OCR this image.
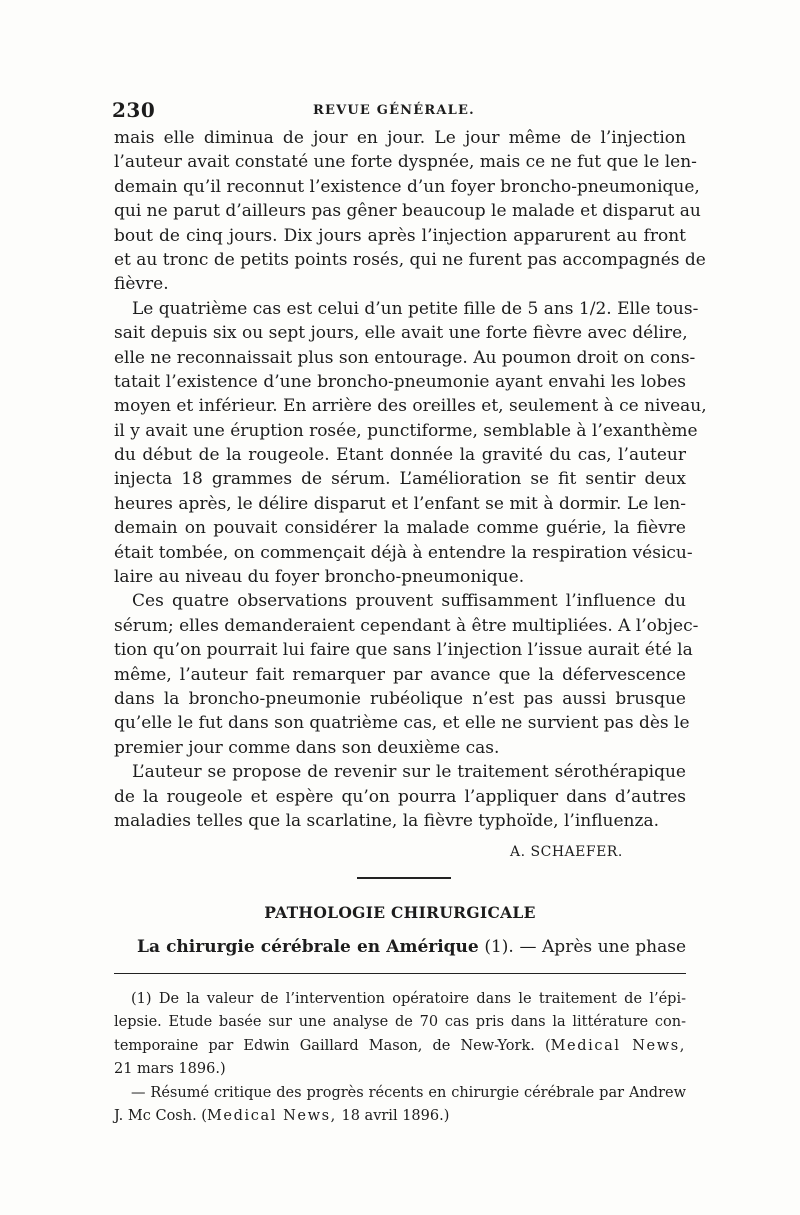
230	REVUE GÉNÉRALE.
mais elle diminua de jour en jour. Le jour même de l’injection
l’auteur avait constaté une forte dyspnée, mais ce ne fut que le len-
demain qu’il reconnut l’existence d’un foyer broncho-pneumonique,
qui ne parut d’ailleurs pas gêner beaucoup le malade et disparut au
bout de cinq jours. Dix jours après l’injection apparurent au front
et au tronc de petits points rosés, qui ne furent pas accompagnés de
fièvre.
Le quatrième cas est celui d’un petite fille de 5 ans 1/2. Elle tous-
sait depuis six ou sept jours, elle avait une forte fièvre avec délire,
elle ne reconnaissait plus son entourage. Au poumon droit on cons-
tatait l’existence d’une broncho-pneumonie ayant envahi les lobes
moyen et inférieur. En arrière des oreilles et, seulement à ce niveau,
il y avait une éruption rosée, punctiforme, semblable à l’exanthème
du début de la rougeole. Etant donnée la gravité du cas, l’auteur
injecta 18 grammes de sérum. L’amélioration se fit sentir deux
heures après, le délire disparut et l’enfant se mit à dormir. Le len-
demain on pouvait considérer la malade comme guérie, la fièvre
était tombée, on commençait déjà à entendre la respiration vésicu-
laire au niveau du foyer broncho-pneumonique.
Ces quatre observations prouvent suffisamment l’influence du
sérum; elles demanderaient cependant à être multipliées. A l’objec-
tion qu’on pourrait lui faire que sans l’injection l’issue aurait été la
même, l’auteur fait remarquer par avance que la défervescence
dans la broncho-pneumonie rubéolique n’est pas aussi brusque
qu’elle le fut dans son quatrième cas, et elle ne survient pas dès le
premier jour comme dans son deuxième cas.
L’auteur se propose de revenir sur le traitement sérothérapique
de la rougeole et espère qu’on pourra l’appliquer dans d’autres
maladies telles que la scarlatine, la fièvre typhoïde, l’influenza.
A. SCHAEFER.
PATHOLOGIE CHIRURGICALE
La chirurgie cérébrale en Amérique (1). — Après une phase
(1) De la valeur de l’intervention opératoire dans le traitement de l’épi-
lepsie. Etude basée sur une analyse de 70 cas pris dans la littérature con-
temporaine par Edwin Gaillard Mason, de New-York. (Medical News,
21 mars 1896.)
— Résumé critique des progrès récents en chirurgie cérébrale par Andrew
J. Mc Cosh. (Medical News, 18 avril 1896.)
